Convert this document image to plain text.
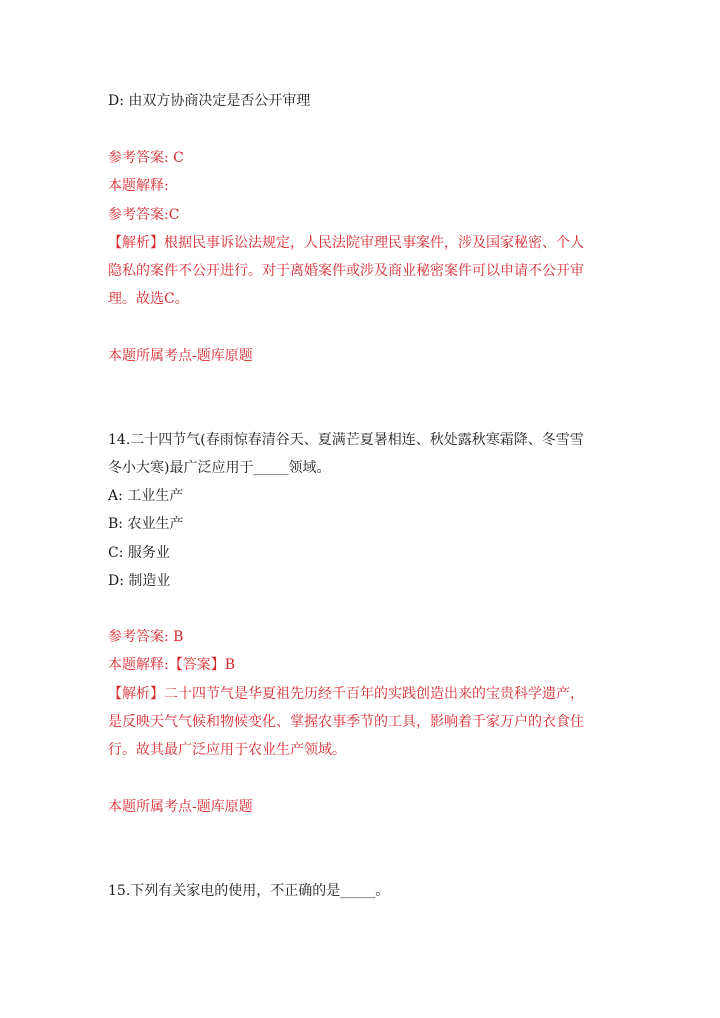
D: 由双方协商决定是否公开审理
参考答案: C
本题解释:
参考答案:C
【解析】根据民事诉讼法规定，人民法院审理民事案件，涉及国家秘密、个人
隐私的案件不公开进行。对于离婚案件或涉及商业秘密案件可以申请不公开审
理。故选C。
本题所属考点-题库原题
14.二十四节气(春雨惊春清谷天、夏满芒夏暑相连、秋处露秋寒霜降、冬雪雪
冬小大寒)最广泛应用于_____领域。
A: 工业生产
B: 农业生产
C: 服务业
D: 制造业
参考答案: B
本题解释:【答案】B
【解析】二十四节气是华夏祖先历经千百年的实践创造出来的宝贵科学遗产，
是反映天气气候和物候变化、掌握农事季节的工具，影响着千家万户的衣食住
行。故其最广泛应用于农业生产领域。
本题所属考点-题库原题
15.下列有关家电的使用，不正确的是_____。
